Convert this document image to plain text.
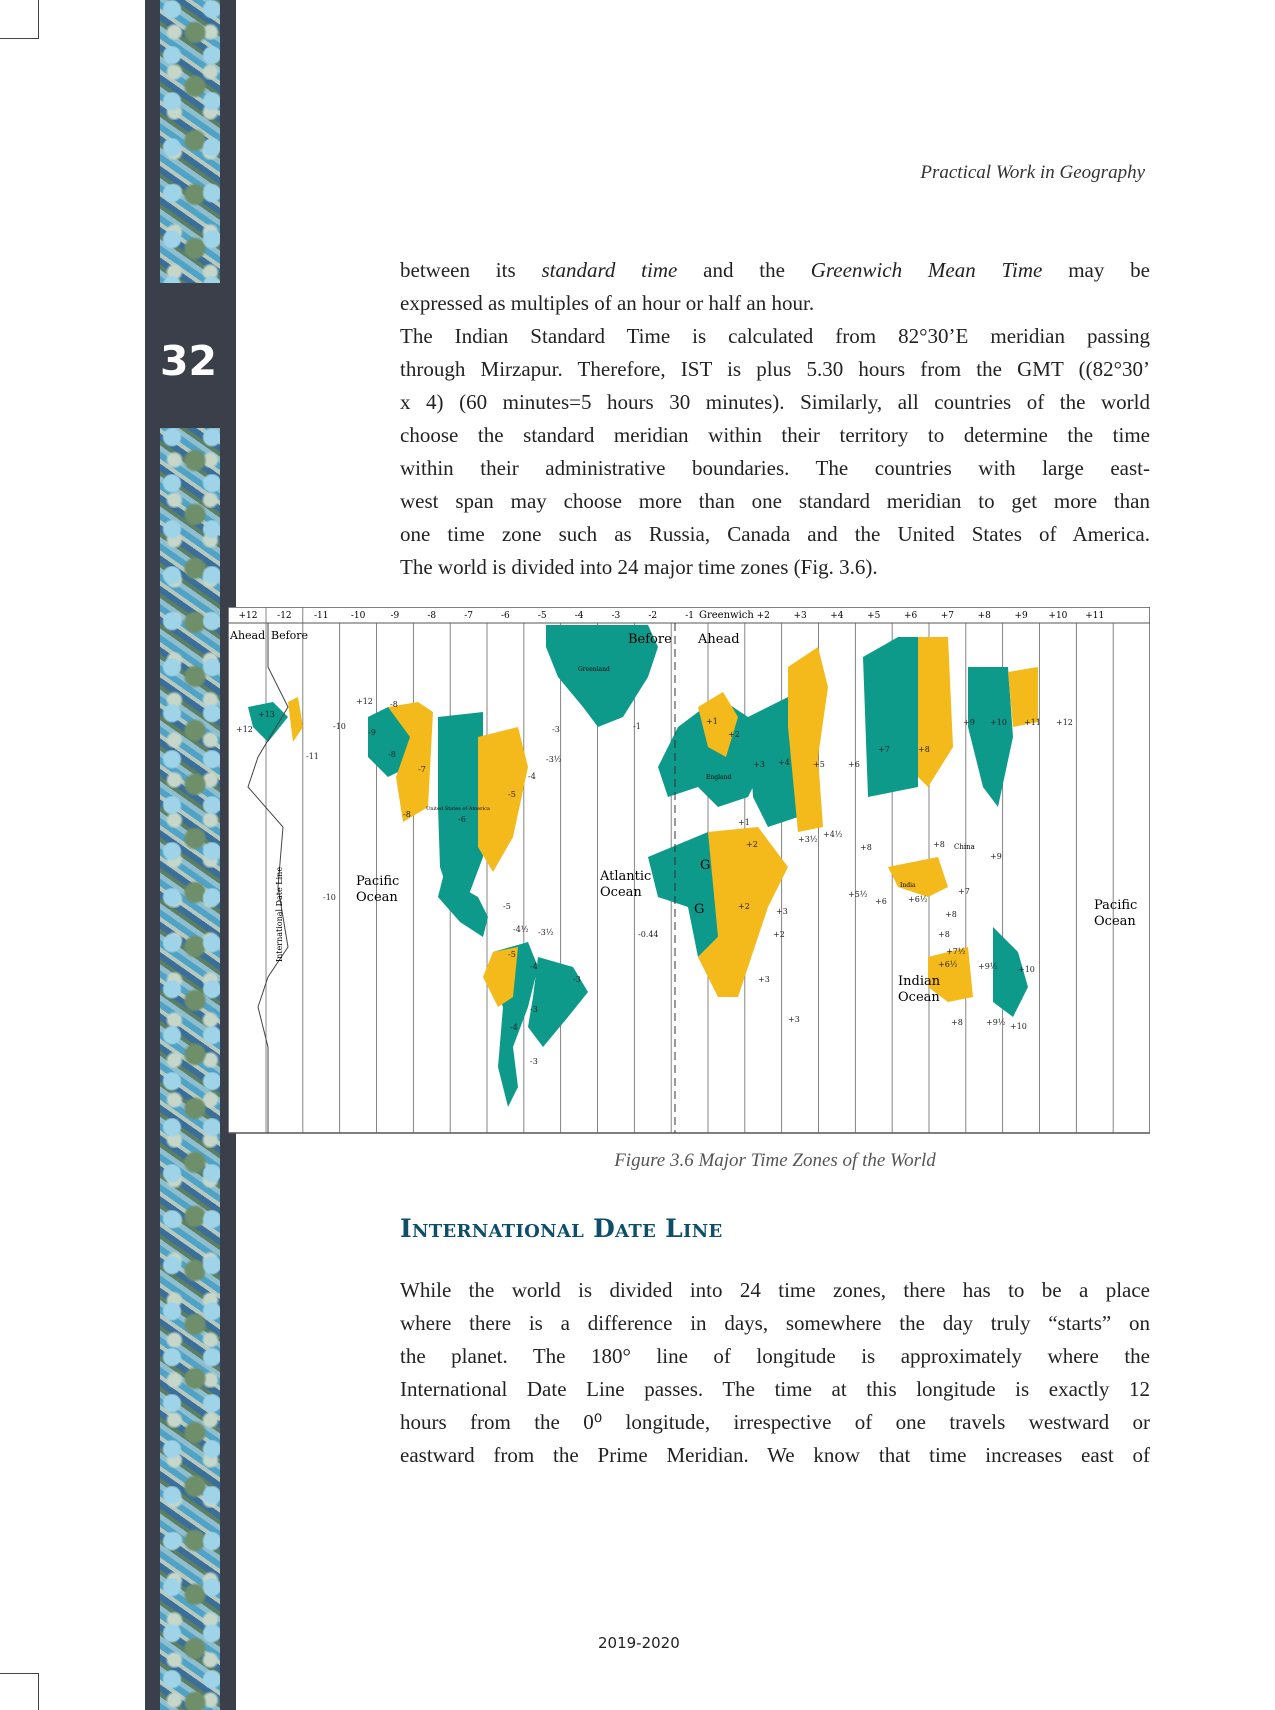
32
Practical Work in Geography
between its standard time and the Greenwich Mean Time may be
expressed as multiples of an hour or half an hour.
The Indian Standard Time is calculated from 82°30’E meridian passing
through Mirzapur. Therefore, IST is plus 5.30 hours from the GMT ((82°30’
x 4) (60 minutes=5 hours 30 minutes). Similarly, all countries of the world
choose the standard meridian within their territory to determine the time
within their administrative boundaries. The countries with large east-
west span may choose more than one standard meridian to get more than
one time zone such as Russia, Canada and the United States of America.
The world is divided into 24 major time zones (Fig. 3.6).
+12 -12 -11 -10	-9	-8	-7	-6	-5	-4	-3	-2	-1 Greenwich +2	+3	+4	+5	+6	+7	+8	+9 +10 +11
Ahead Before	Before Ahead
International Date Line	Pacific
Ocean
Atlantic
Ocean
Indian
Ocean
Pacific
Ocean
Greenland
United States of America
England
China
India
G
G
+12
+13
-10
-11
-8
-9
-8
-7
-8
-6
-5
-4
-3½
-3	-1
-5
-4½ -3½
-5
-4
-3
-3
-4
-3
-10
-0.44
+1
+2
+3 +4	+5	+6
+7	+8
+9 +10 +11 +12
+3½
+4½
+5½
+6½
+2
+1
+2
+3
+3
+2
+8	+8
+9
+7
+8
+6
+8
+10
+9½
+8	+9½ +10
+12
+3
+7½
+6½
Figure 3.6 Major Time Zones of the World
International Date Line
While the world is divided into 24 time zones, there has to be a place
where there is a difference in days, somewhere the day truly “starts” on
the planet. The 180° line of longitude is approximately where the
International Date Line passes. The time at this longitude is exactly 12
hours from the 0⁰ longitude, irrespective of one travels westward or
eastward from the Prime Meridian. We know that time increases east of
2019-2020
